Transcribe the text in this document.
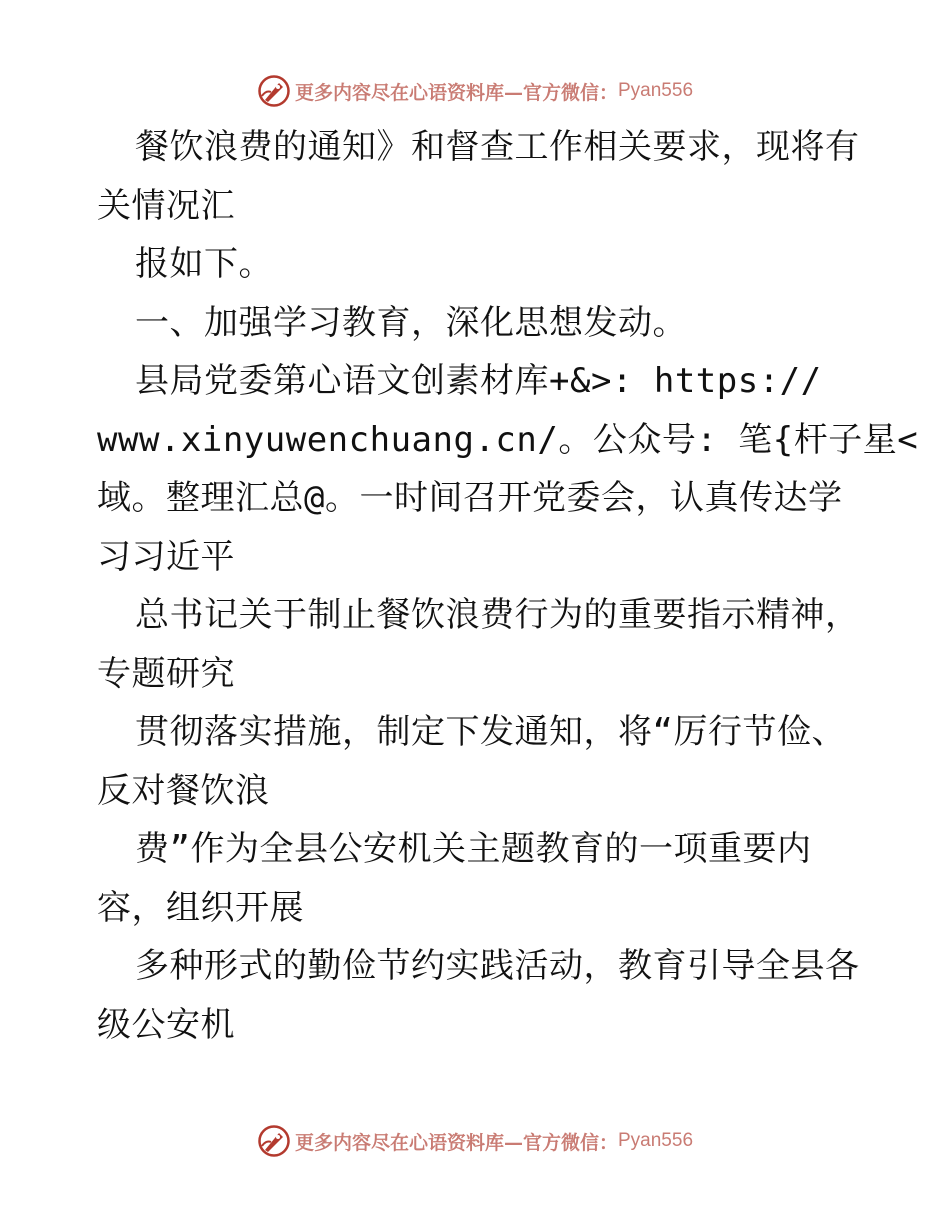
更多内容尽在心语资料库—官方微信： Pyan556
餐饮浪费的通知》和督查工作相关要求，现将有
关情况汇
报如下。
一、加强学习教育，深化思想发动。
县局党委第心语文创素材库+&>: https://
www.xinyuwenchuang.cn/。公众号: 笔{杆子星<
域。整理汇总@。一时间召开党委会，认真传达学
习习近平
总书记关于制止餐饮浪费行为的重要指示精神，
专题研究
贯彻落实措施，制定下发通知，将“厉行节俭、
反对餐饮浪
费”作为全县公安机关主题教育的一项重要内
容，组织开展
多种形式的勤俭节约实践活动，教育引导全县各
级公安机
更多内容尽在心语资料库—官方微信： Pyan556
